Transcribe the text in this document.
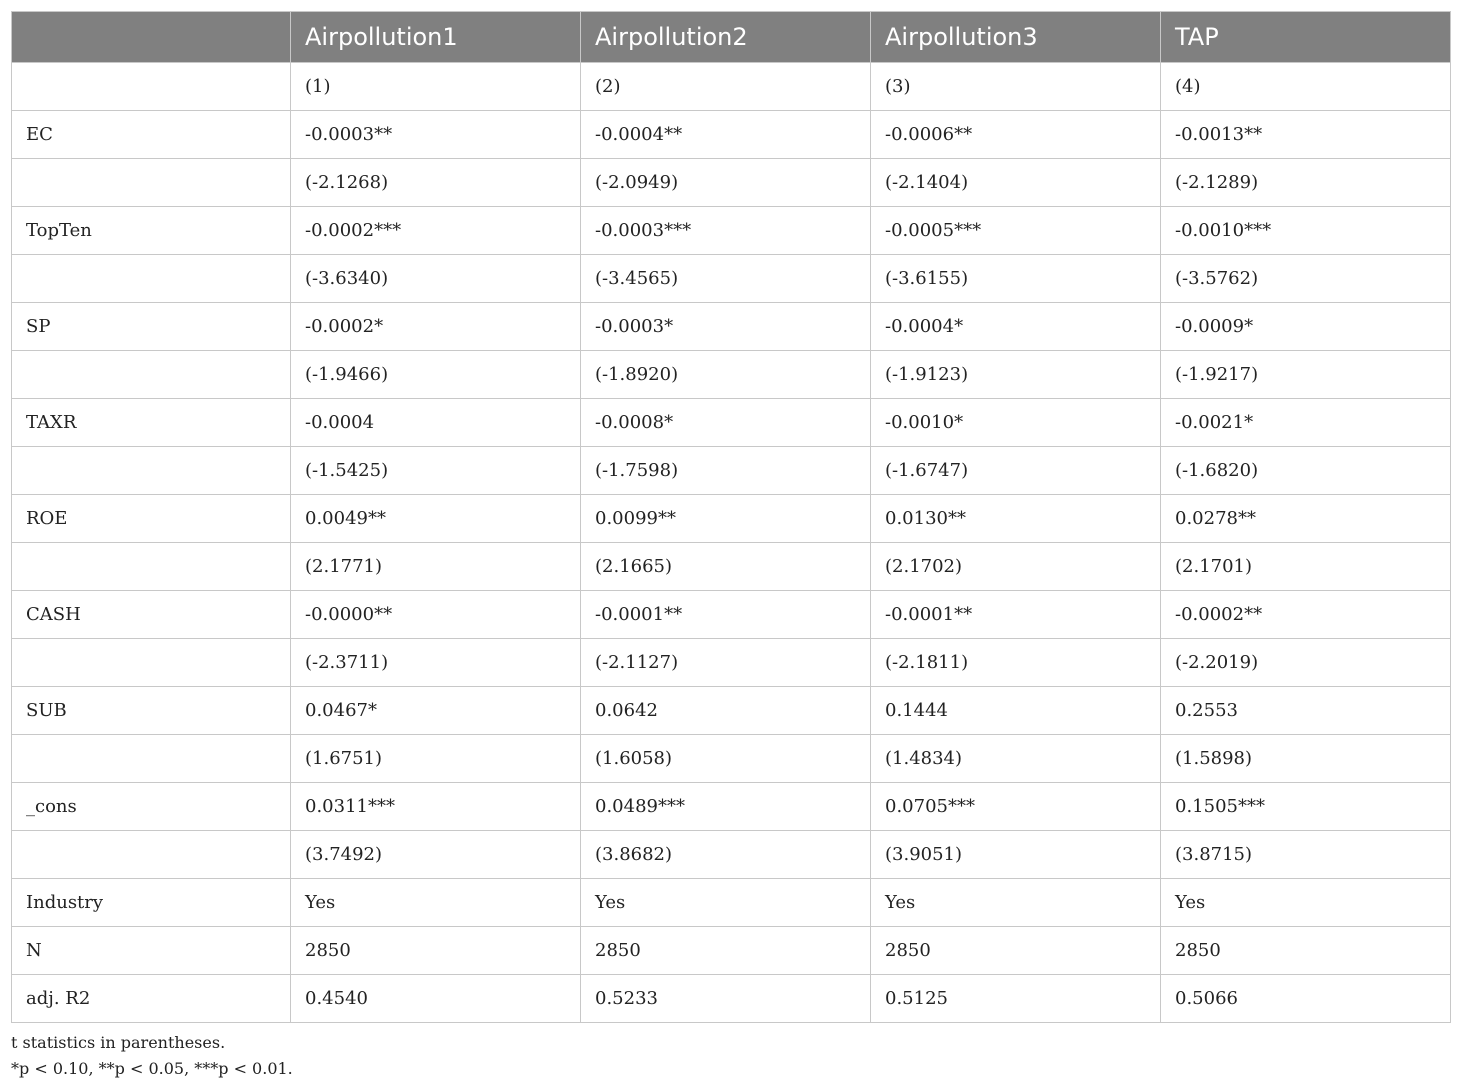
	Airpollution1	Airpollution2	Airpollution3	TAP
	(1)	(2)	(3)	(4)
EC	-0.0003**	-0.0004**	-0.0006**	-0.0013**
	(-2.1268)	(-2.0949)	(-2.1404)	(-2.1289)
TopTen	-0.0002***	-0.0003***	-0.0005***	-0.0010***
	(-3.6340)	(-3.4565)	(-3.6155)	(-3.5762)
SP	-0.0002*	-0.0003*	-0.0004*	-0.0009*
	(-1.9466)	(-1.8920)	(-1.9123)	(-1.9217)
TAXR	-0.0004	-0.0008*	-0.0010*	-0.0021*
	(-1.5425)	(-1.7598)	(-1.6747)	(-1.6820)
ROE	0.0049**	0.0099**	0.0130**	0.0278**
	(2.1771)	(2.1665)	(2.1702)	(2.1701)
CASH	-0.0000**	-0.0001**	-0.0001**	-0.0002**
	(-2.3711)	(-2.1127)	(-2.1811)	(-2.2019)
SUB	0.0467*	0.0642	0.1444	0.2553
	(1.6751)	(1.6058)	(1.4834)	(1.5898)
_cons	0.0311***	0.0489***	0.0705***	0.1505***
	(3.7492)	(3.8682)	(3.9051)	(3.8715)
Industry	Yes	Yes	Yes	Yes
N	2850	2850	2850	2850
adj. R2	0.4540	0.5233	0.5125	0.5066
t statistics in parentheses.
*p < 0.10, **p < 0.05, ***p < 0.01.
